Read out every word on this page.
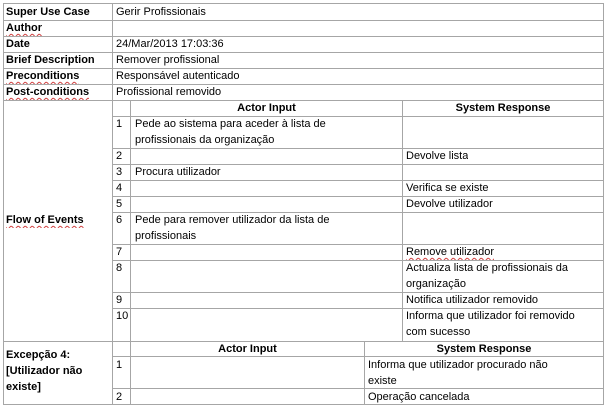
Super Use Case Gerir Profissionais
Author
Date	24/Mar/2013 17:03:36
Brief Description Remover profissional
Preconditions	Responsável autenticado
Post-conditions Profissional removido
Flow of Events
Actor Input	System Response
1 Pede ao sistema para aceder à lista de
profissionais da organização
2	Devolve lista
3 Procura utilizador
4	Verifica se existe
5	Devolve utilizador
6 Pede para remover utilizador da lista de
profissionais
7	Remove utilizador
8	Actualiza lista de profissionais da
organização
9	Notifica utilizador removido
10	Informa que utilizador foi removido
com sucesso
Excepção 4:
[Utilizador não
existe]
Actor Input	System Response
1	Informa que utilizador procurado não
existe
2	Operação cancelada
